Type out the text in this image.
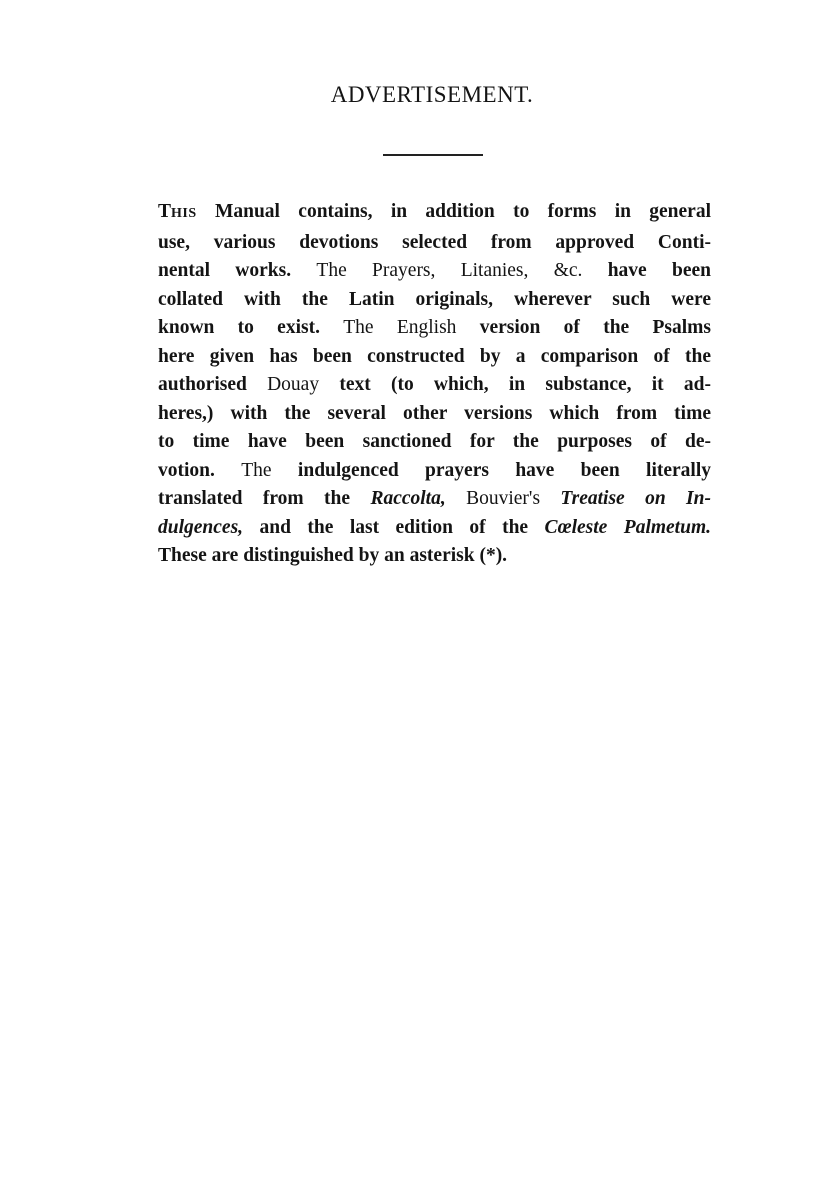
ADVERTISEMENT.

THIS Manual contains, in addition to forms in general
use, various devotions selected from approved Conti-
nental works. The Prayers, Litanies, &c. have been
collated with the Latin originals, wherever such were
known to exist. The English version of the Psalms
here given has been constructed by a comparison of the
authorised Douay text (to which, in substance, it ad-
heres,) with the several other versions which from time
to time have been sanctioned for the purposes of de-
votion. The indulgenced prayers have been literally
translated from the Raccolta, Bouvier's Treatise on In-
dulgences, and the last edition of the Cœleste Palmetum.
These are distinguished by an asterisk (*).
